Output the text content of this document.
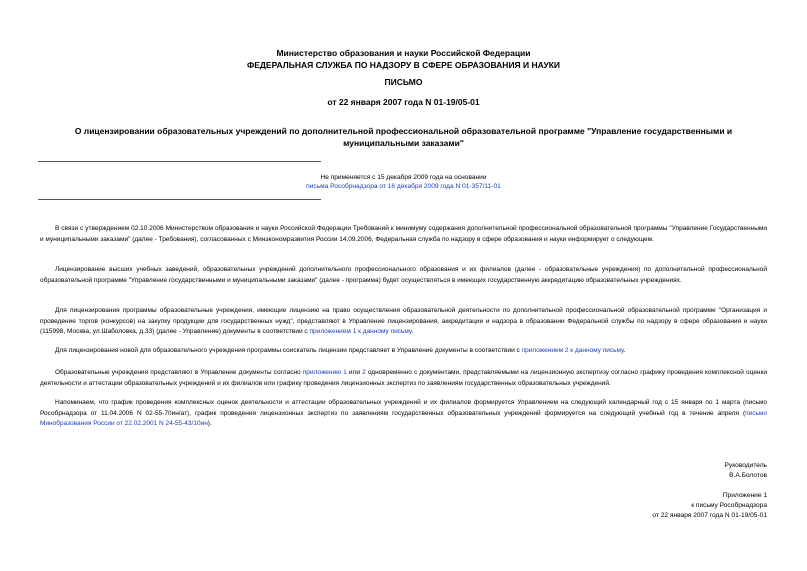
Министерство образования и науки Российской Федерации
ФЕДЕРАЛЬНАЯ СЛУЖБА ПО НАДЗОРУ В СФЕРЕ ОБРАЗОВАНИЯ И НАУКИ
ПИСЬМО
от 22 января 2007 года N 01-19/05-01
О лицензировании образовательных учреждений по дополнительной профессиональной образовательной программе "Управление государственными и муниципальными заказами"
Не применяется с 15 декабря 2009 года на основании
письма Рособрнадзора от 16 декабря 2009 года N 01-357/11-01
В связи с утверждением 02.10.2006 Министерством образования и науки Российской Федерации Требований к минимуму содержания дополнительной профессиональной образовательной программы "Управление Государственными и муниципальными заказами" (далее - Требования), согласованных с Минэкономразвития России 14.09.2006, Федеральная служба по надзору в сфере образования и науки информирует о следующем.
Лицензирование высших учебных заведений, образовательных учреждений дополнительного профессионального образования и их филиалов (далее - образовательные учреждения) по дополнительной профессиональной образовательной программе "Управление государственными и муниципальными заказами" (далее - программа) будет осуществляться в имеющих государственную аккредитацию образовательных учреждениях.
Для лицензирования программы образовательные учреждения, имеющие лицензию на право осуществления образовательной деятельности по дополнительной профессиональной образовательной программе "Организация и проведение торгов (конкурсов) на закупку продукции для государственных нужд", представляют в Управление лицензирования, аккредитации и надзора в образовании Федеральной службы по надзору в сфере образования и науки (115998, Москва, ул.Шаболовка, д.33) (далее - Управление) документы в соответствии с приложением 1 к данному письму.
Для лицензирования новой для образовательного учреждения программы соискатель лицензии представляет в Управление документы в соответствии с приложением 2 к данному письму.
Образовательные учреждения представляют в Управление документы согласно приложению 1 или 2 одновременно с документами, представляемыми на лицензионную экспертизу согласно графику проведения комплексной оценки деятельности и аттестации образовательных учреждений и их филиалов или графику проведения лицензионных экспертиз по заявлениям государственных образовательных учреждений.
Напоминаем, что график проведения комплексных оценок деятельности и аттестации образовательных учреждений и их филиалов формируется Управлением на следующий календарный год с 15 января по 1 марта (письмо Рособрнадзора от 11.04.2006 N 02-55-70ин/ат), график проведения лицензионных экспертиз по заявлениям государственных образовательных учреждений формируется на следующий учебный год в течение апреля (письмо Минобразования России от 22.02.2001 N 24-55-43/10ин).
Руководитель
В.А.Болотов
Приложение 1
к письму Рособрнадзора
от 22 января 2007 года N 01-19/05-01
